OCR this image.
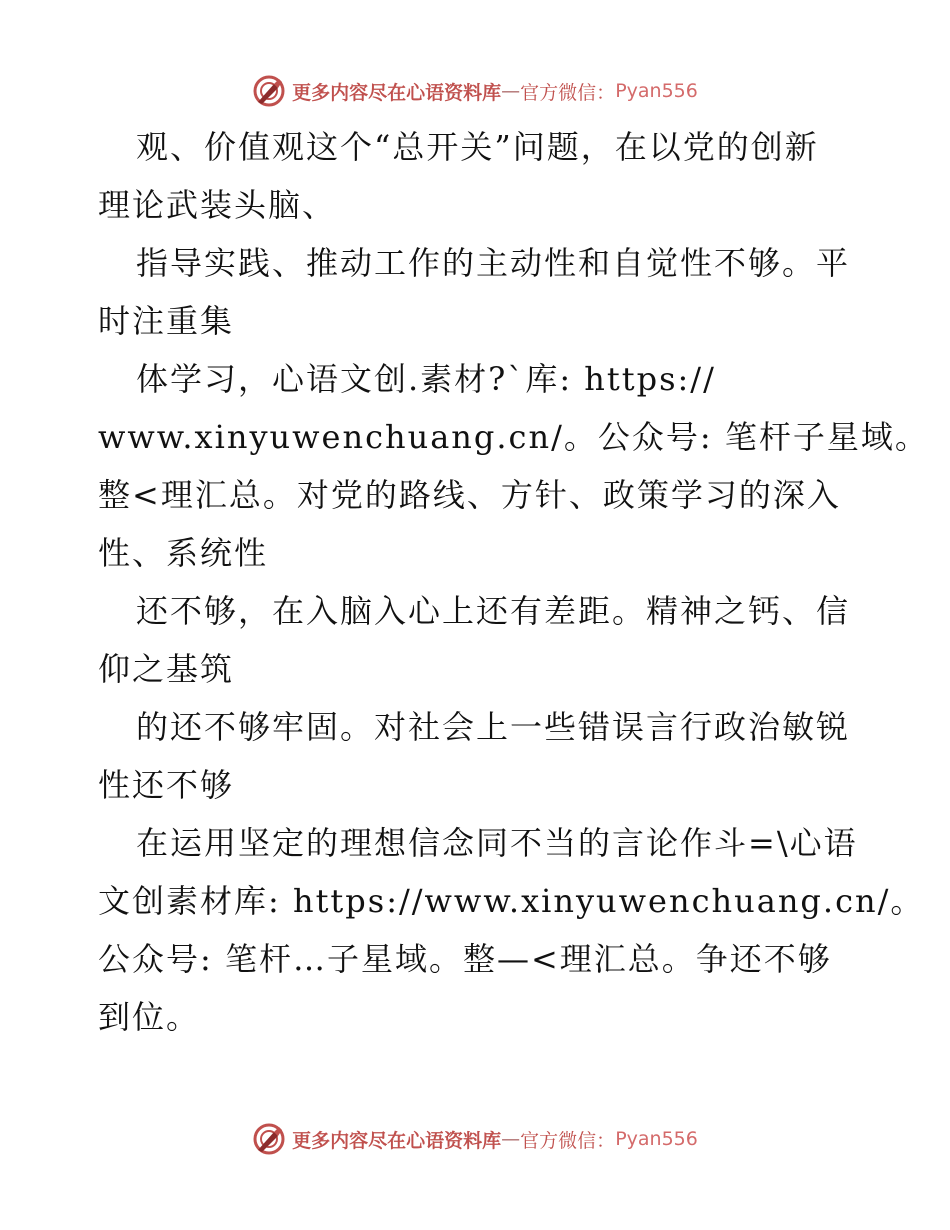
更多内容尽在心语资料库 — 官方微信： Pyan556
观、价值观这个“总开关”问题，在以党的创新
理论武装头脑、
指导实践、推动工作的主动性和自觉性不够。平
时注重集
体学习，心语文创.素材?`库: https://
www.xinyuwenchuang.cn/。公众号: 笔杆子星域。
整<理汇总。对党的路线、方针、政策学习的深入
性、系统性
还不够，在入脑入心上还有差距。精神之钙、信
仰之基筑
的还不够牢固。对社会上一些错误言行政治敏锐
性还不够
在运用坚定的理想信念同不当的言论作斗=\心语
文创素材库: https://www.xinyuwenchuang.cn/。
公众号: 笔杆…子星域。整—<理汇总。争还不够
到位。
更多内容尽在心语资料库 — 官方微信： Pyan556
